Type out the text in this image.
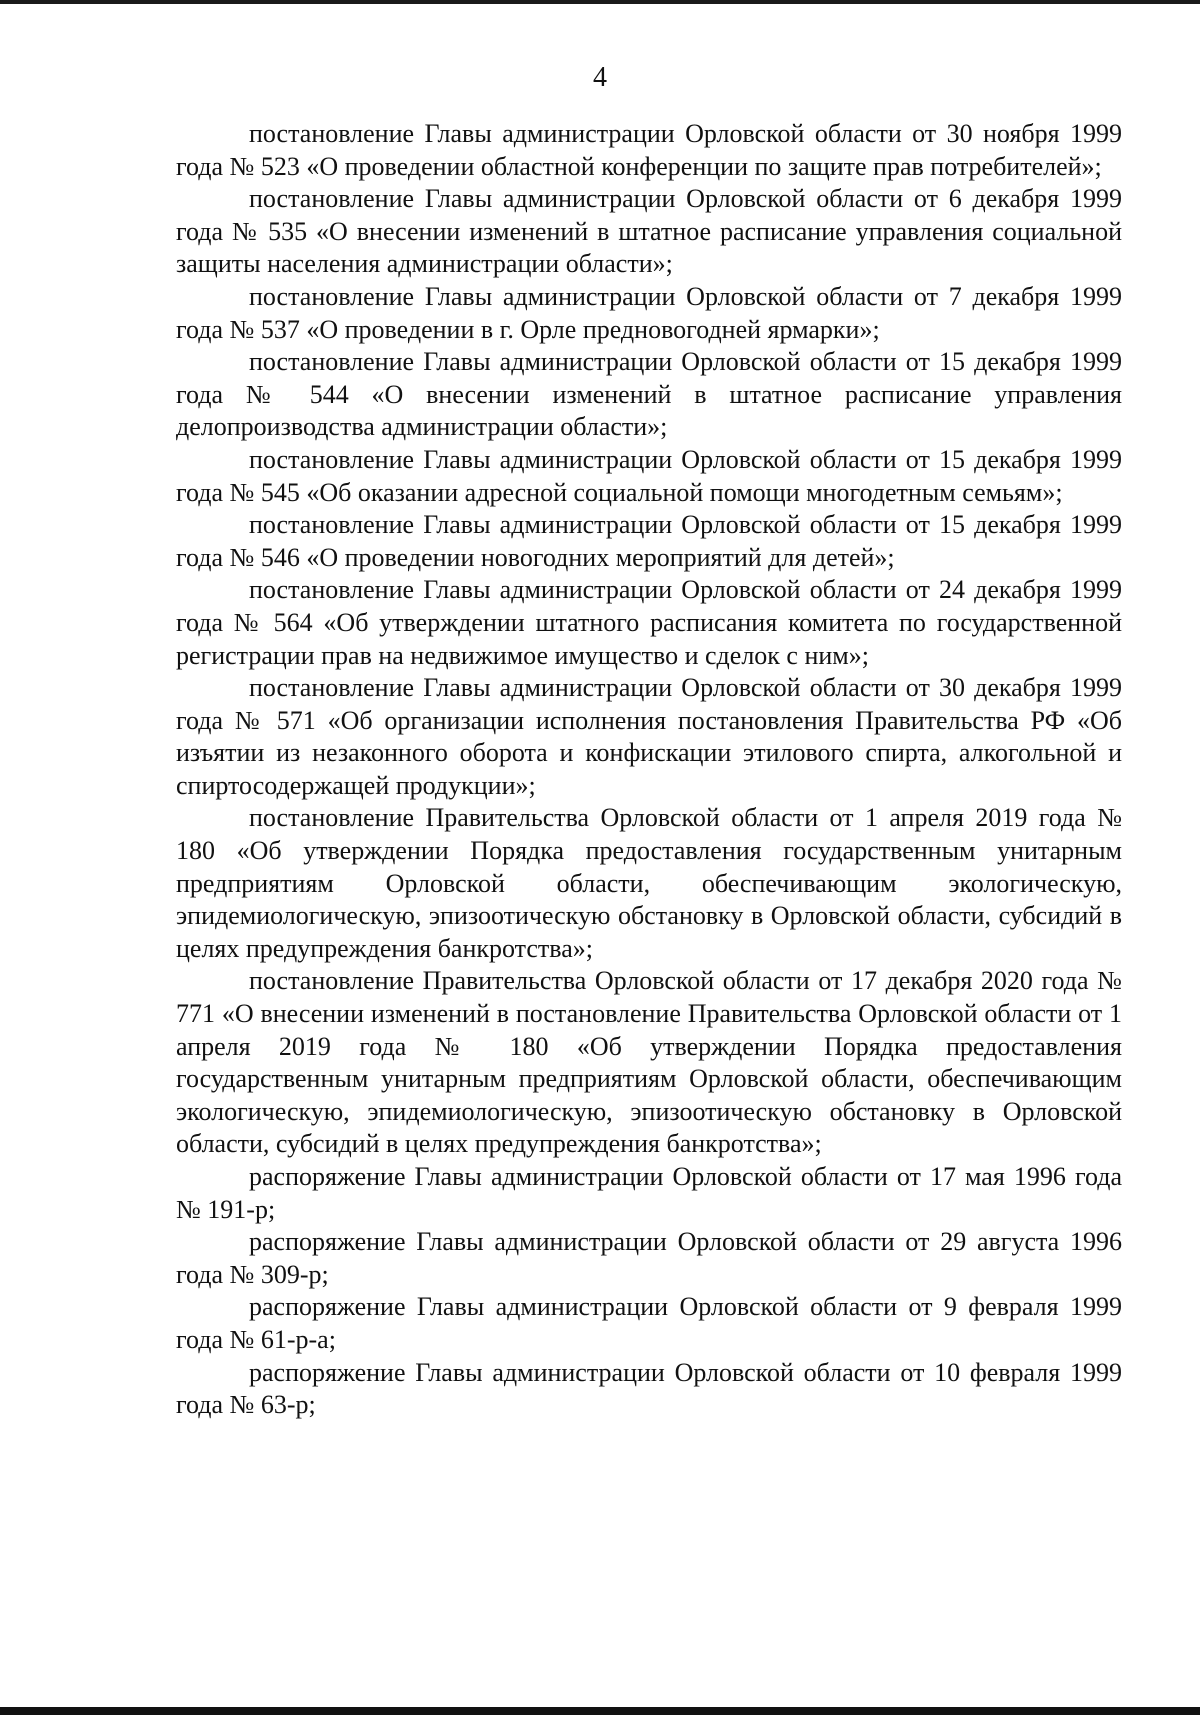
4

постановление Главы администрации Орловской области от 30 ноября 1999 года № 523 «О проведении областной конференции по защите прав потребителей»;

постановление Главы администрации Орловской области от 6 декабря 1999 года № 535 «О внесении изменений в штатное расписание управления социальной защиты населения администрации области»;

постановление Главы администрации Орловской области от 7 декабря 1999 года № 537 «О проведении в г. Орле предновогодней ярмарки»;

постановление Главы администрации Орловской области от 15 декабря 1999 года № 544 «О внесении изменений в штатное расписание управления делопроизводства администрации области»;

постановление Главы администрации Орловской области от 15 декабря 1999 года № 545 «Об оказании адресной социальной помощи многодетным семьям»;

постановление Главы администрации Орловской области от 15 декабря 1999 года № 546 «О проведении новогодних мероприятий для детей»;

постановление Главы администрации Орловской области от 24 декабря 1999 года № 564 «Об утверждении штатного расписания комитета по государственной регистрации прав на недвижимое имущество и сделок с ним»;

постановление Главы администрации Орловской области от 30 декабря 1999 года № 571 «Об организации исполнения постановления Правительства РФ «Об изъятии из незаконного оборота и конфискации этилового спирта, алкогольной и спиртосодержащей продукции»;

постановление Правительства Орловской области от 1 апреля 2019 года № 180 «Об утверждении Порядка предоставления государственным унитарным предприятиям Орловской области, обеспечивающим экологическую, эпидемиологическую, эпизоотическую обстановку в Орловской области, субсидий в целях предупреждения банкротства»;

постановление Правительства Орловской области от 17 декабря 2020 года № 771 «О внесении изменений в постановление Правительства Орловской области от 1 апреля 2019 года № 180 «Об утверждении Порядка предоставления государственным унитарным предприятиям Орловской области, обеспечивающим экологическую, эпидемиологическую, эпизоотическую обстановку в Орловской области, субсидий в целях предупреждения банкротства»;

распоряжение Главы администрации Орловской области от 17 мая 1996 года № 191-р;

распоряжение Главы администрации Орловской области от 29 августа 1996 года № 309-р;

распоряжение Главы администрации Орловской области от 9 февраля 1999 года № 61-р-а;

распоряжение Главы администрации Орловской области от 10 февраля 1999 года № 63-р;
